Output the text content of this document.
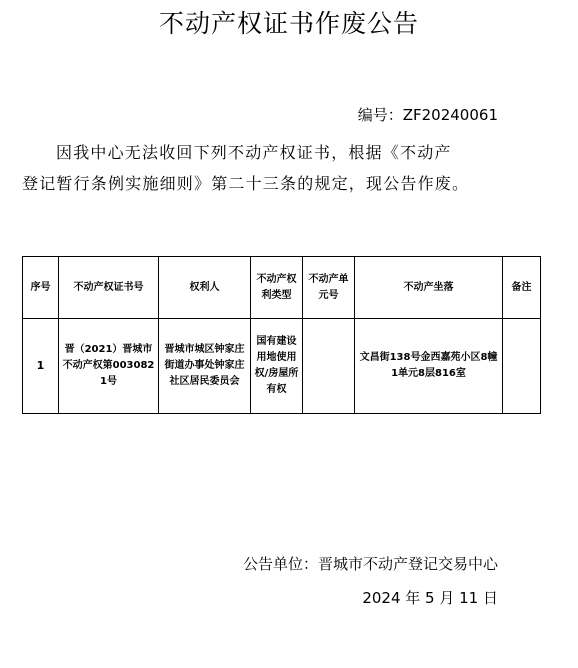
不动产权证书作废公告
编号：ZF20240061
因我中心无法收回下列不动产权证书，根据《不动产
登记暂行条例实施细则》第二十三条的规定，现公告作废。
序号	不动产权证书号	权利人	不动产权利类型	不动产单元号	不动产坐落	备注
1	晋（2021）晋城市不动产权第0030821号	晋城市城区钟家庄街道办事处钟家庄社区居民委员会	国有建设用地使用权/房屋所有权		文昌街138号金西嘉苑小区8幢1单元8层816室	
公告单位：晋城市不动产登记交易中心
2024 年 5 月 11 日
